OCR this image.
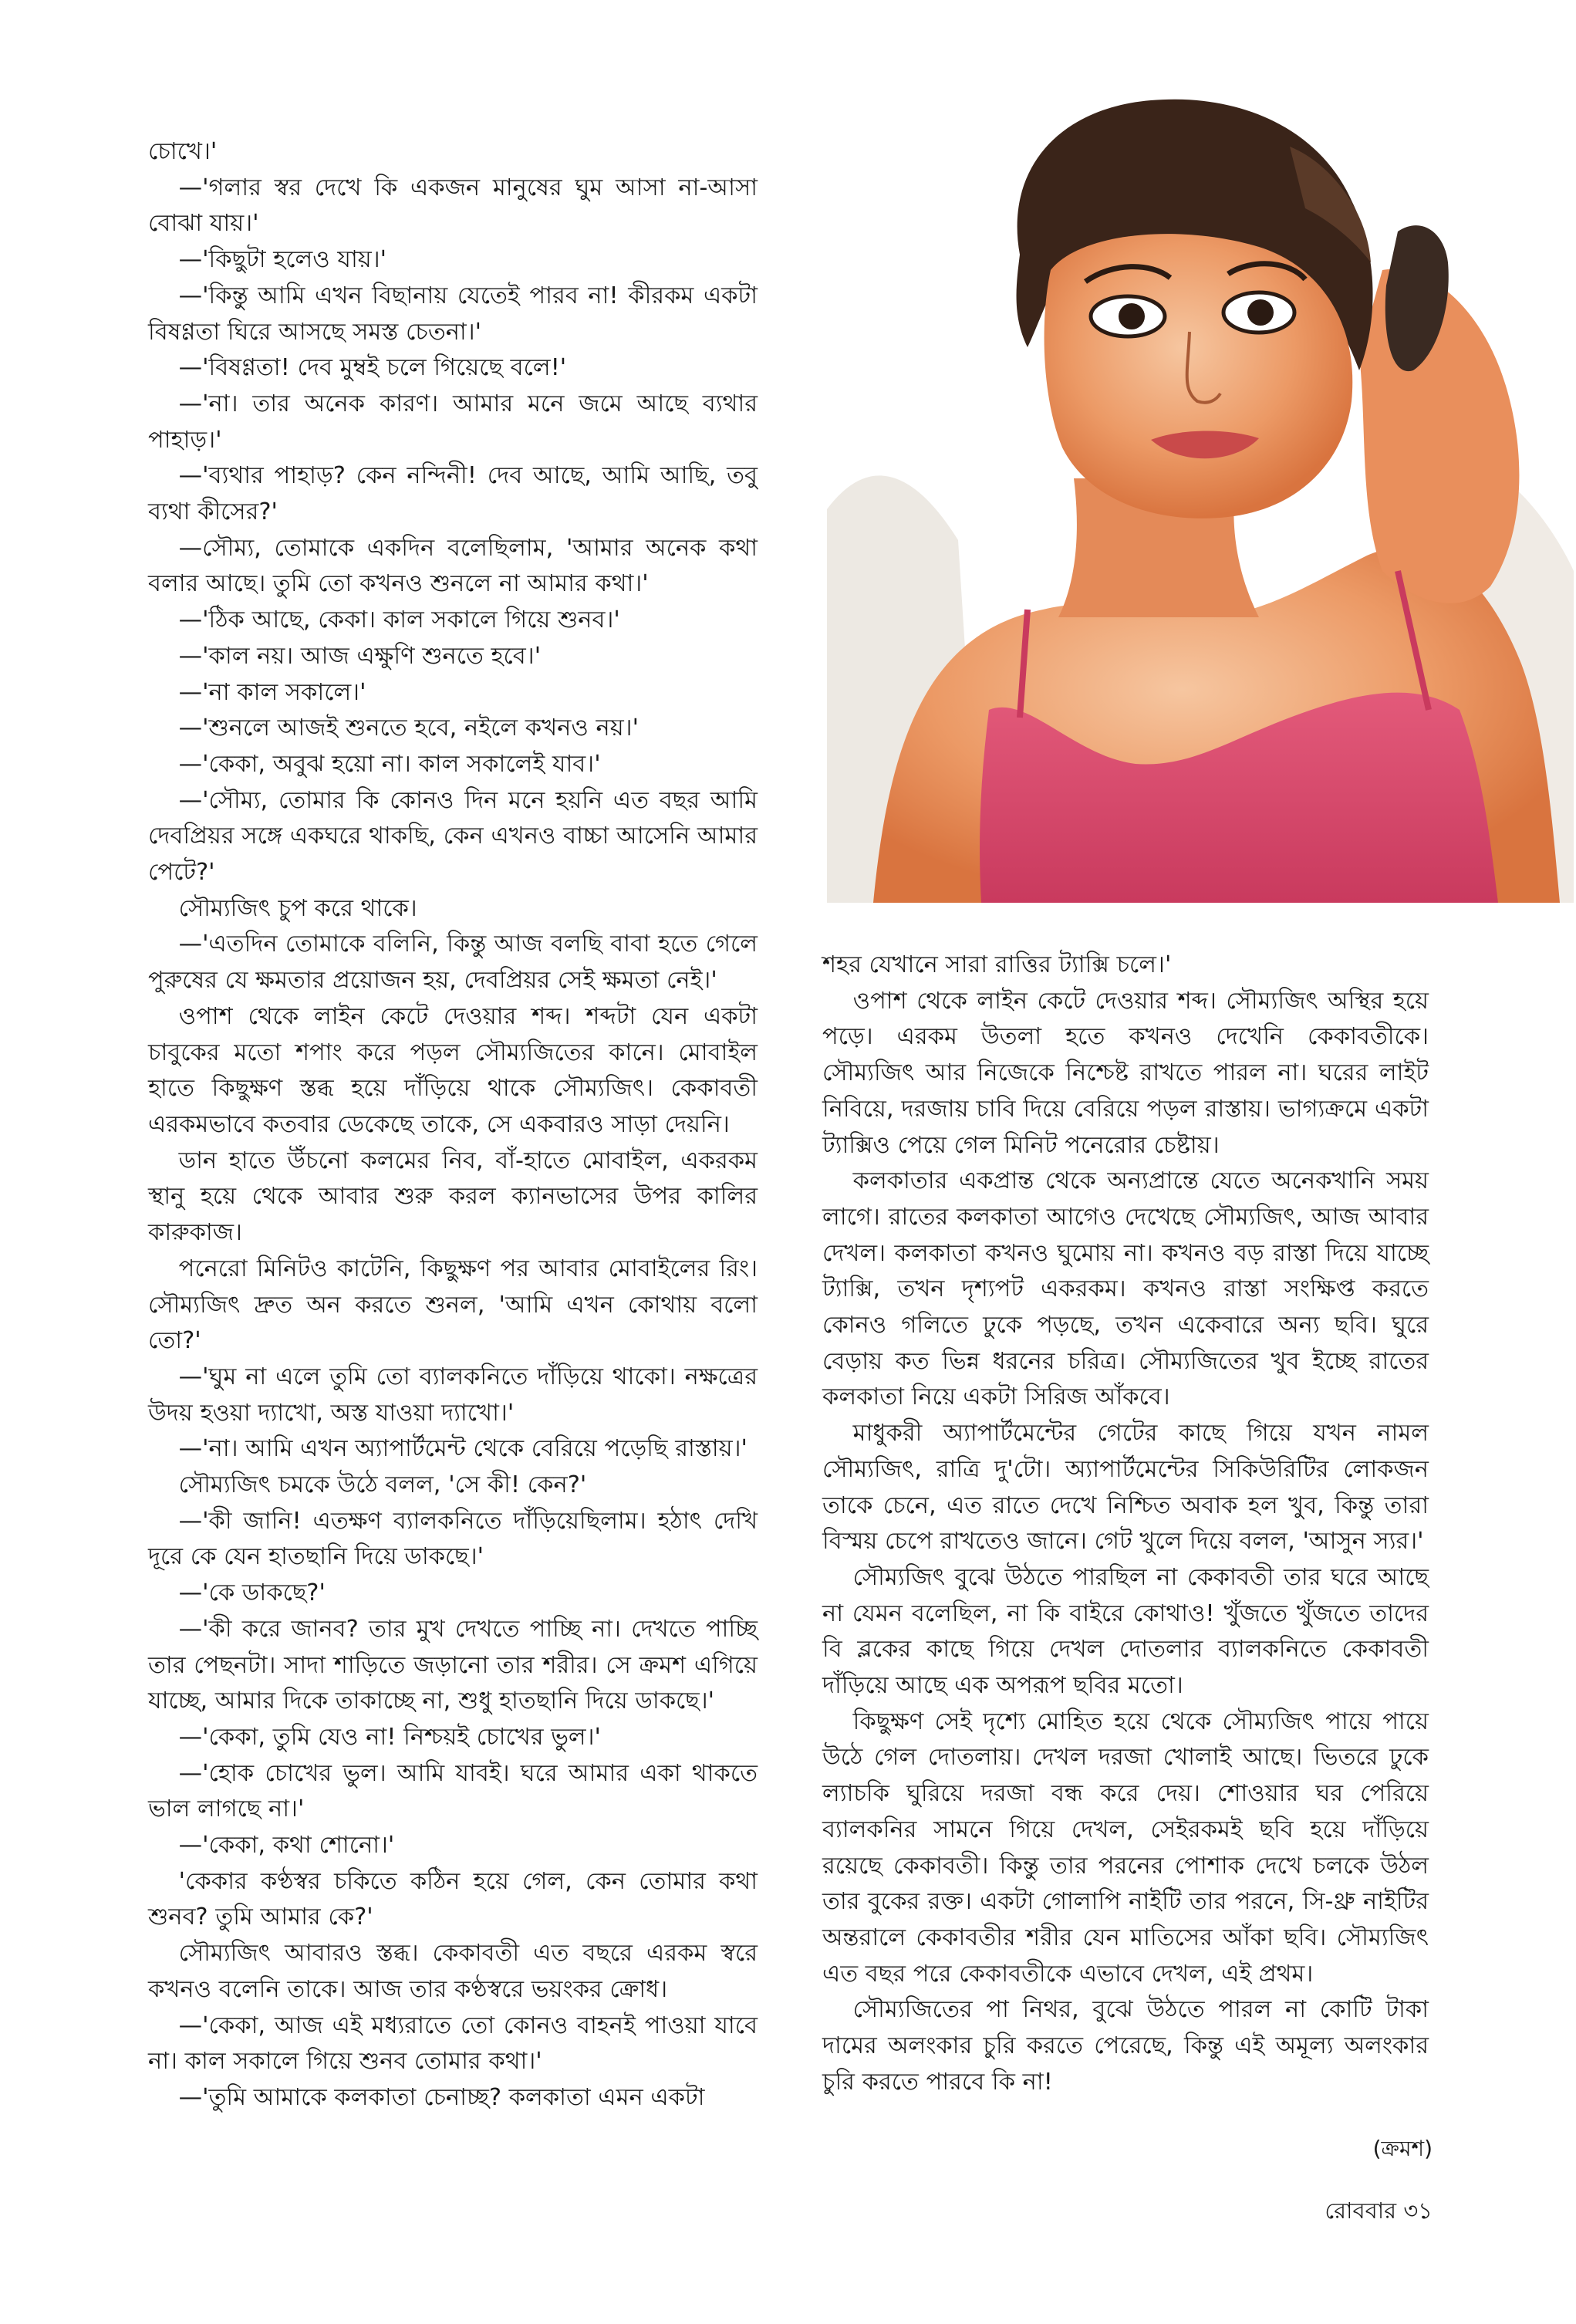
চোখে।'

—'গলার স্বর দেখে কি একজন মানুষের ঘুম আসা না-আসা বোঝা যায়।'

—'কিছুটা হলেও যায়।'

—'কিন্তু আমি এখন বিছানায় যেতেই পারব না! কীরকম একটা বিষণ্ণতা ঘিরে আসছে সমস্ত চেতনা।'

—'বিষণ্ণতা! দেব মুম্বই চলে গিয়েছে বলে!'

—'না। তার অনেক কারণ। আমার মনে জমে আছে ব্যথার পাহাড়।'

—'ব্যথার পাহাড়? কেন নন্দিনী! দেব আছে, আমি আছি, তবু ব্যথা কীসের?'

—সৌম্য, তোমাকে একদিন বলেছিলাম, 'আমার অনেক কথা বলার আছে। তুমি তো কখনও শুনলে না আমার কথা।'

—'ঠিক আছে, কেকা। কাল সকালে গিয়ে শুনব।'

—'কাল নয়। আজ এক্ষুণি শুনতে হবে।'

—'না কাল সকালে।'

—'শুনলে আজই শুনতে হবে, নইলে কখনও নয়।'

—'কেকা, অবুঝ হয়ো না। কাল সকালেই যাব।'

—'সৌম্য, তোমার কি কোনও দিন মনে হয়নি এত বছর আমি দেবপ্রিয়র সঙ্গে একঘরে থাকছি, কেন এখনও বাচ্চা আসেনি আমার পেটে?'

সৌম্যজিৎ চুপ করে থাকে।

—'এতদিন তোমাকে বলিনি, কিন্তু আজ বলছি বাবা হতে গেলে পুরুষের যে ক্ষমতার প্রয়োজন হয়, দেবপ্রিয়র সেই ক্ষমতা নেই।'

ওপাশ থেকে লাইন কেটে দেওয়ার শব্দ। শব্দটা যেন একটা চাবুকের মতো শপাং করে পড়ল সৌম্যজিতের কানে। মোবাইল হাতে কিছুক্ষণ স্তব্ধ হয়ে দাঁড়িয়ে থাকে সৌম্যজিৎ। কেকাবতী এরকমভাবে কতবার ডেকেছে তাকে, সে একবারও সাড়া দেয়নি।

ডান হাতে উঁচনো কলমের নিব, বাঁ-হাতে মোবাইল, একরকম স্থানু হয়ে থেকে আবার শুরু করল ক্যানভাসের উপর কালির কারুকাজ।

পনেরো মিনিটও কাটেনি, কিছুক্ষণ পর আবার মোবাইলের রিং। সৌম্যজিৎ দ্রুত অন করতে শুনল, 'আমি এখন কোথায় বলো তো?'

—'ঘুম না এলে তুমি তো ব্যালকনিতে দাঁড়িয়ে থাকো। নক্ষত্রের উদয় হওয়া দ্যাখো, অস্ত যাওয়া দ্যাখো।'

—'না। আমি এখন অ্যাপার্টমেন্ট থেকে বেরিয়ে পড়েছি রাস্তায়।'

সৌম্যজিৎ চমকে উঠে বলল, 'সে কী! কেন?'

—'কী জানি! এতক্ষণ ব্যালকনিতে দাঁড়িয়েছিলাম। হঠাৎ দেখি দূরে কে যেন হাতছানি দিয়ে ডাকছে।'

—'কে ডাকছে?'

—'কী করে জানব? তার মুখ দেখতে পাচ্ছি না। দেখতে পাচ্ছি তার পেছনটা। সাদা শাড়িতে জড়ানো তার শরীর। সে ক্রমশ এগিয়ে যাচ্ছে, আমার দিকে তাকাচ্ছে না, শুধু হাতছানি দিয়ে ডাকছে।'

—'কেকা, তুমি যেও না! নিশ্চয়ই চোখের ভুল।'

—'হোক চোখের ভুল। আমি যাবই। ঘরে আমার একা থাকতে ভাল লাগছে না।'

—'কেকা, কথা শোনো।'

'কেকার কণ্ঠস্বর চকিতে কঠিন হয়ে গেল, কেন তোমার কথা শুনব? তুমি আমার কে?'

সৌম্যজিৎ আবারও স্তব্ধ। কেকাবতী এত বছরে এরকম স্বরে কখনও বলেনি তাকে। আজ তার কণ্ঠস্বরে ভয়ংকর ক্রোধ।

—'কেকা, আজ এই মধ্যরাতে তো কোনও বাহনই পাওয়া যাবে না। কাল সকালে গিয়ে শুনব তোমার কথা।'

—'তুমি আমাকে কলকাতা চেনাচ্ছ? কলকাতা এমন একটা

শহর যেখানে সারা রাত্তির ট্যাক্সি চলে।'

ওপাশ থেকে লাইন কেটে দেওয়ার শব্দ। সৌম্যজিৎ অস্থির হয়ে পড়ে। এরকম উতলা হতে কখনও দেখেনি কেকাবতীকে। সৌম্যজিৎ আর নিজেকে নিশ্চেষ্ট রাখতে পারল না। ঘরের লাইট নিবিয়ে, দরজায় চাবি দিয়ে বেরিয়ে পড়ল রাস্তায়। ভাগ্যক্রমে একটা ট্যাক্সিও পেয়ে গেল মিনিট পনেরোর চেষ্টায়।

কলকাতার একপ্রান্ত থেকে অন্যপ্রান্তে যেতে অনেকখানি সময় লাগে। রাতের কলকাতা আগেও দেখেছে সৌম্যজিৎ, আজ আবার দেখল। কলকাতা কখনও ঘুমোয় না। কখনও বড় রাস্তা দিয়ে যাচ্ছে ট্যাক্সি, তখন দৃশ্যপট একরকম। কখনও রাস্তা সংক্ষিপ্ত করতে কোনও গলিতে ঢুকে পড়ছে, তখন একেবারে অন্য ছবি। ঘুরে বেড়ায় কত ভিন্ন ধরনের চরিত্র। সৌম্যজিতের খুব ইচ্ছে রাতের কলকাতা নিয়ে একটা সিরিজ আঁকবে।

মাধুকরী অ্যাপার্টমেন্টের গেটের কাছে গিয়ে যখন নামল সৌম্যজিৎ, রাত্রি দু'টো। অ্যাপার্টমেন্টের সিকিউরিটির লোকজন তাকে চেনে, এত রাতে দেখে নিশ্চিত অবাক হল খুব, কিন্তু তারা বিস্ময় চেপে রাখতেও জানে। গেট খুলে দিয়ে বলল, 'আসুন স্যর।'

সৌম্যজিৎ বুঝে উঠতে পারছিল না কেকাবতী তার ঘরে আছে না যেমন বলেছিল, না কি বাইরে কোথাও! খুঁজতে খুঁজতে তাদের বি ব্লকের কাছে গিয়ে দেখল দোতলার ব্যালকনিতে কেকাবতী দাঁড়িয়ে আছে এক অপরূপ ছবির মতো।

কিছুক্ষণ সেই দৃশ্যে মোহিত হয়ে থেকে সৌম্যজিৎ পায়ে পায়ে উঠে গেল দোতলায়। দেখল দরজা খোলাই আছে। ভিতরে ঢুকে ল্যাচকি ঘুরিয়ে দরজা বন্ধ করে দেয়। শোওয়ার ঘর পেরিয়ে ব্যালকনির সামনে গিয়ে দেখল, সেইরকমই ছবি হয়ে দাঁড়িয়ে রয়েছে কেকাবতী। কিন্তু তার পরনের পোশাক দেখে চলকে উঠল তার বুকের রক্ত। একটা গোলাপি নাইটি তার পরনে, সি-থ্রু নাইটির অন্তরালে কেকাবতীর শরীর যেন মাতিসের আঁকা ছবি। সৌম্যজিৎ এত বছর পরে কেকাবতীকে এভাবে দেখল, এই প্রথম।

সৌম্যজিতের পা নিথর, বুঝে উঠতে পারল না কোটি টাকা দামের অলংকার চুরি করতে পেরেছে, কিন্তু এই অমূল্য অলংকার চুরি করতে পারবে কি না!

(ক্রমশ)
রোববার ৩১
